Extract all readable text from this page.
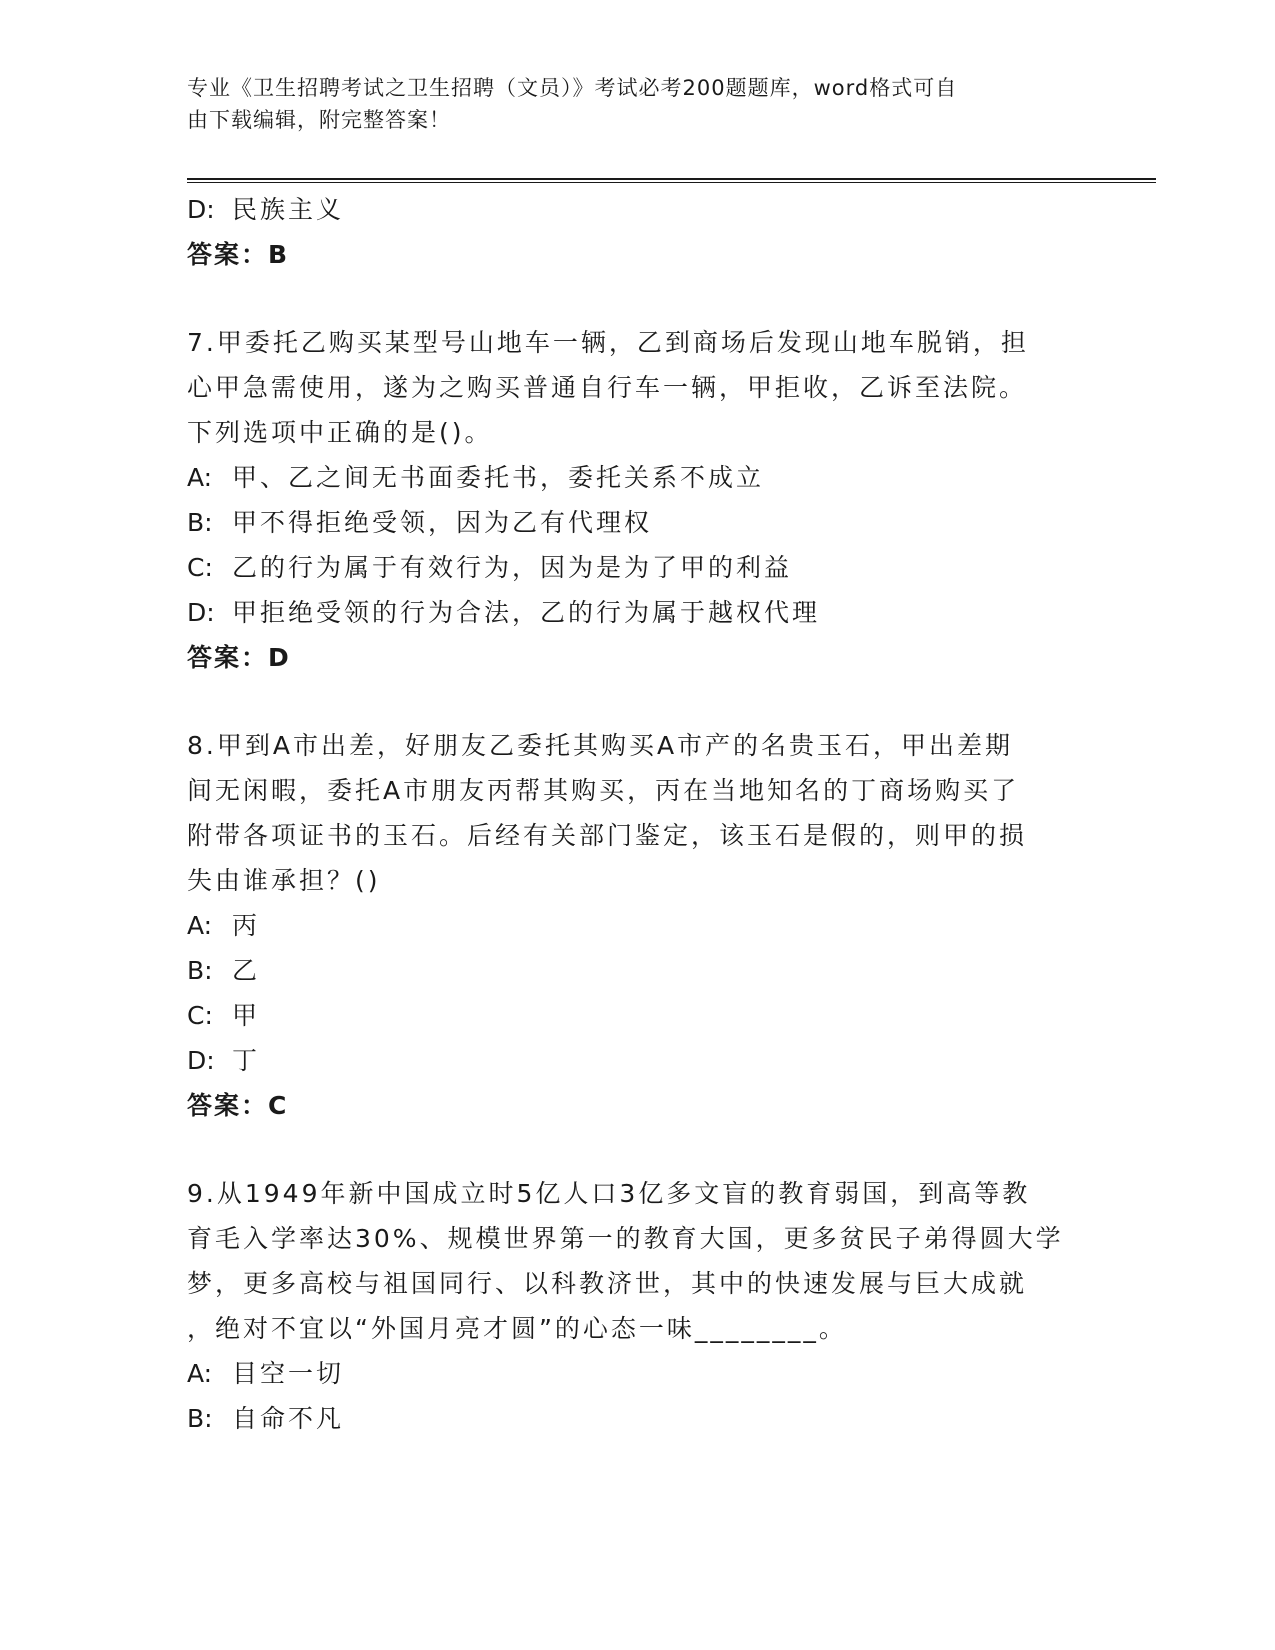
专业《卫生招聘考试之卫生招聘（文员）》考试必考200题题库，word格式可自
由下载编辑，附完整答案！
D: 民族主义
答案：B
7.甲委托乙购买某型号山地车一辆，乙到商场后发现山地车脱销，担
心甲急需使用，遂为之购买普通自行车一辆，甲拒收，乙诉至法院。
下列选项中正确的是()。
A: 甲、乙之间无书面委托书，委托关系不成立
B: 甲不得拒绝受领，因为乙有代理权
C: 乙的行为属于有效行为，因为是为了甲的利益
D: 甲拒绝受领的行为合法，乙的行为属于越权代理
答案：D
8.甲到A市出差，好朋友乙委托其购买A市产的名贵玉石，甲出差期
间无闲暇，委托A市朋友丙帮其购买，丙在当地知名的丁商场购买了
附带各项证书的玉石。后经有关部门鉴定，该玉石是假的，则甲的损
失由谁承担？()
A: 丙
B: 乙
C: 甲
D: 丁
答案：C
9.从1949年新中国成立时5亿人口3亿多文盲的教育弱国，到高等教
育毛入学率达30%、规模世界第一的教育大国，更多贫民子弟得圆大学
梦，更多高校与祖国同行、以科教济世，其中的快速发展与巨大成就
，绝对不宜以“外国月亮才圆”的心态一味________。
A: 目空一切
B: 自命不凡
